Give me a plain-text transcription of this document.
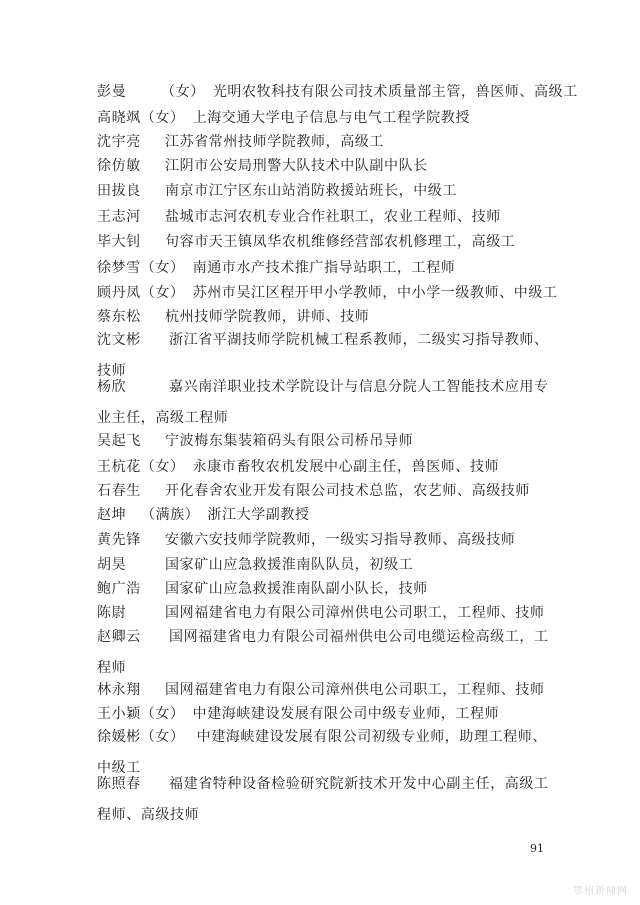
彭曼 （女） 光明农牧科技有限公司技术质量部主管，兽医师、高级工
高晓飒（女） 上海交通大学电子信息与电气工程学院教授
沈宇亮 江苏省常州技师学院教师，高级工
徐仿敏 江阴市公安局刑警大队技术中队副中队长
田拔良 南京市江宁区东山站消防救援站班长，中级工
王志河 盐城市志河农机专业合作社职工，农业工程师、技师
毕大钊 句容市天王镇凤华农机维修经营部农机修理工，高级工
徐梦雪（女） 南通市水产技术推广指导站职工，工程师
顾丹凤（女） 苏州市吴江区程开甲小学教师，中小学一级教师、中级工
蔡东松 杭州技师学院教师，讲师、技师
沈文彬 浙江省平湖技师学院机械工程系教师，二级实习指导教师、技师
杨欣	嘉兴南洋职业技术学院设计与信息分院人工智能技术应用专业主任，高级工程师
吴起飞 宁波梅东集装箱码头有限公司桥吊导师
王杭花（女） 永康市畜牧农机发展中心副主任，兽医师、技师
石春生 开化春舍农业开发有限公司技术总监，农艺师、高级技师
赵坤 （满族） 浙江大学副教授
黄先锋 安徽六安技师学院教师，一级实习指导教师、高级技师
胡昊	国家矿山应急救援淮南队队员，初级工
鲍广浩 国家矿山应急救援淮南队副小队长，技师
陈尉	国网福建省电力有限公司漳州供电公司职工，工程师、技师
赵卿云 国网福建省电力有限公司福州供电公司电缆运检高级工，工程师
林永翔 国网福建省电力有限公司漳州供电公司职工，工程师、技师
王小颖（女） 中建海峡建设发展有限公司中级专业师，工程师
徐媛彬（女） 中建海峡建设发展有限公司初级专业师，助理工程师、中级工
陈照春 福建省特种设备检验研究院新技术开发中心副主任，高级工程师、高级技师
91
鄂州新闻网
